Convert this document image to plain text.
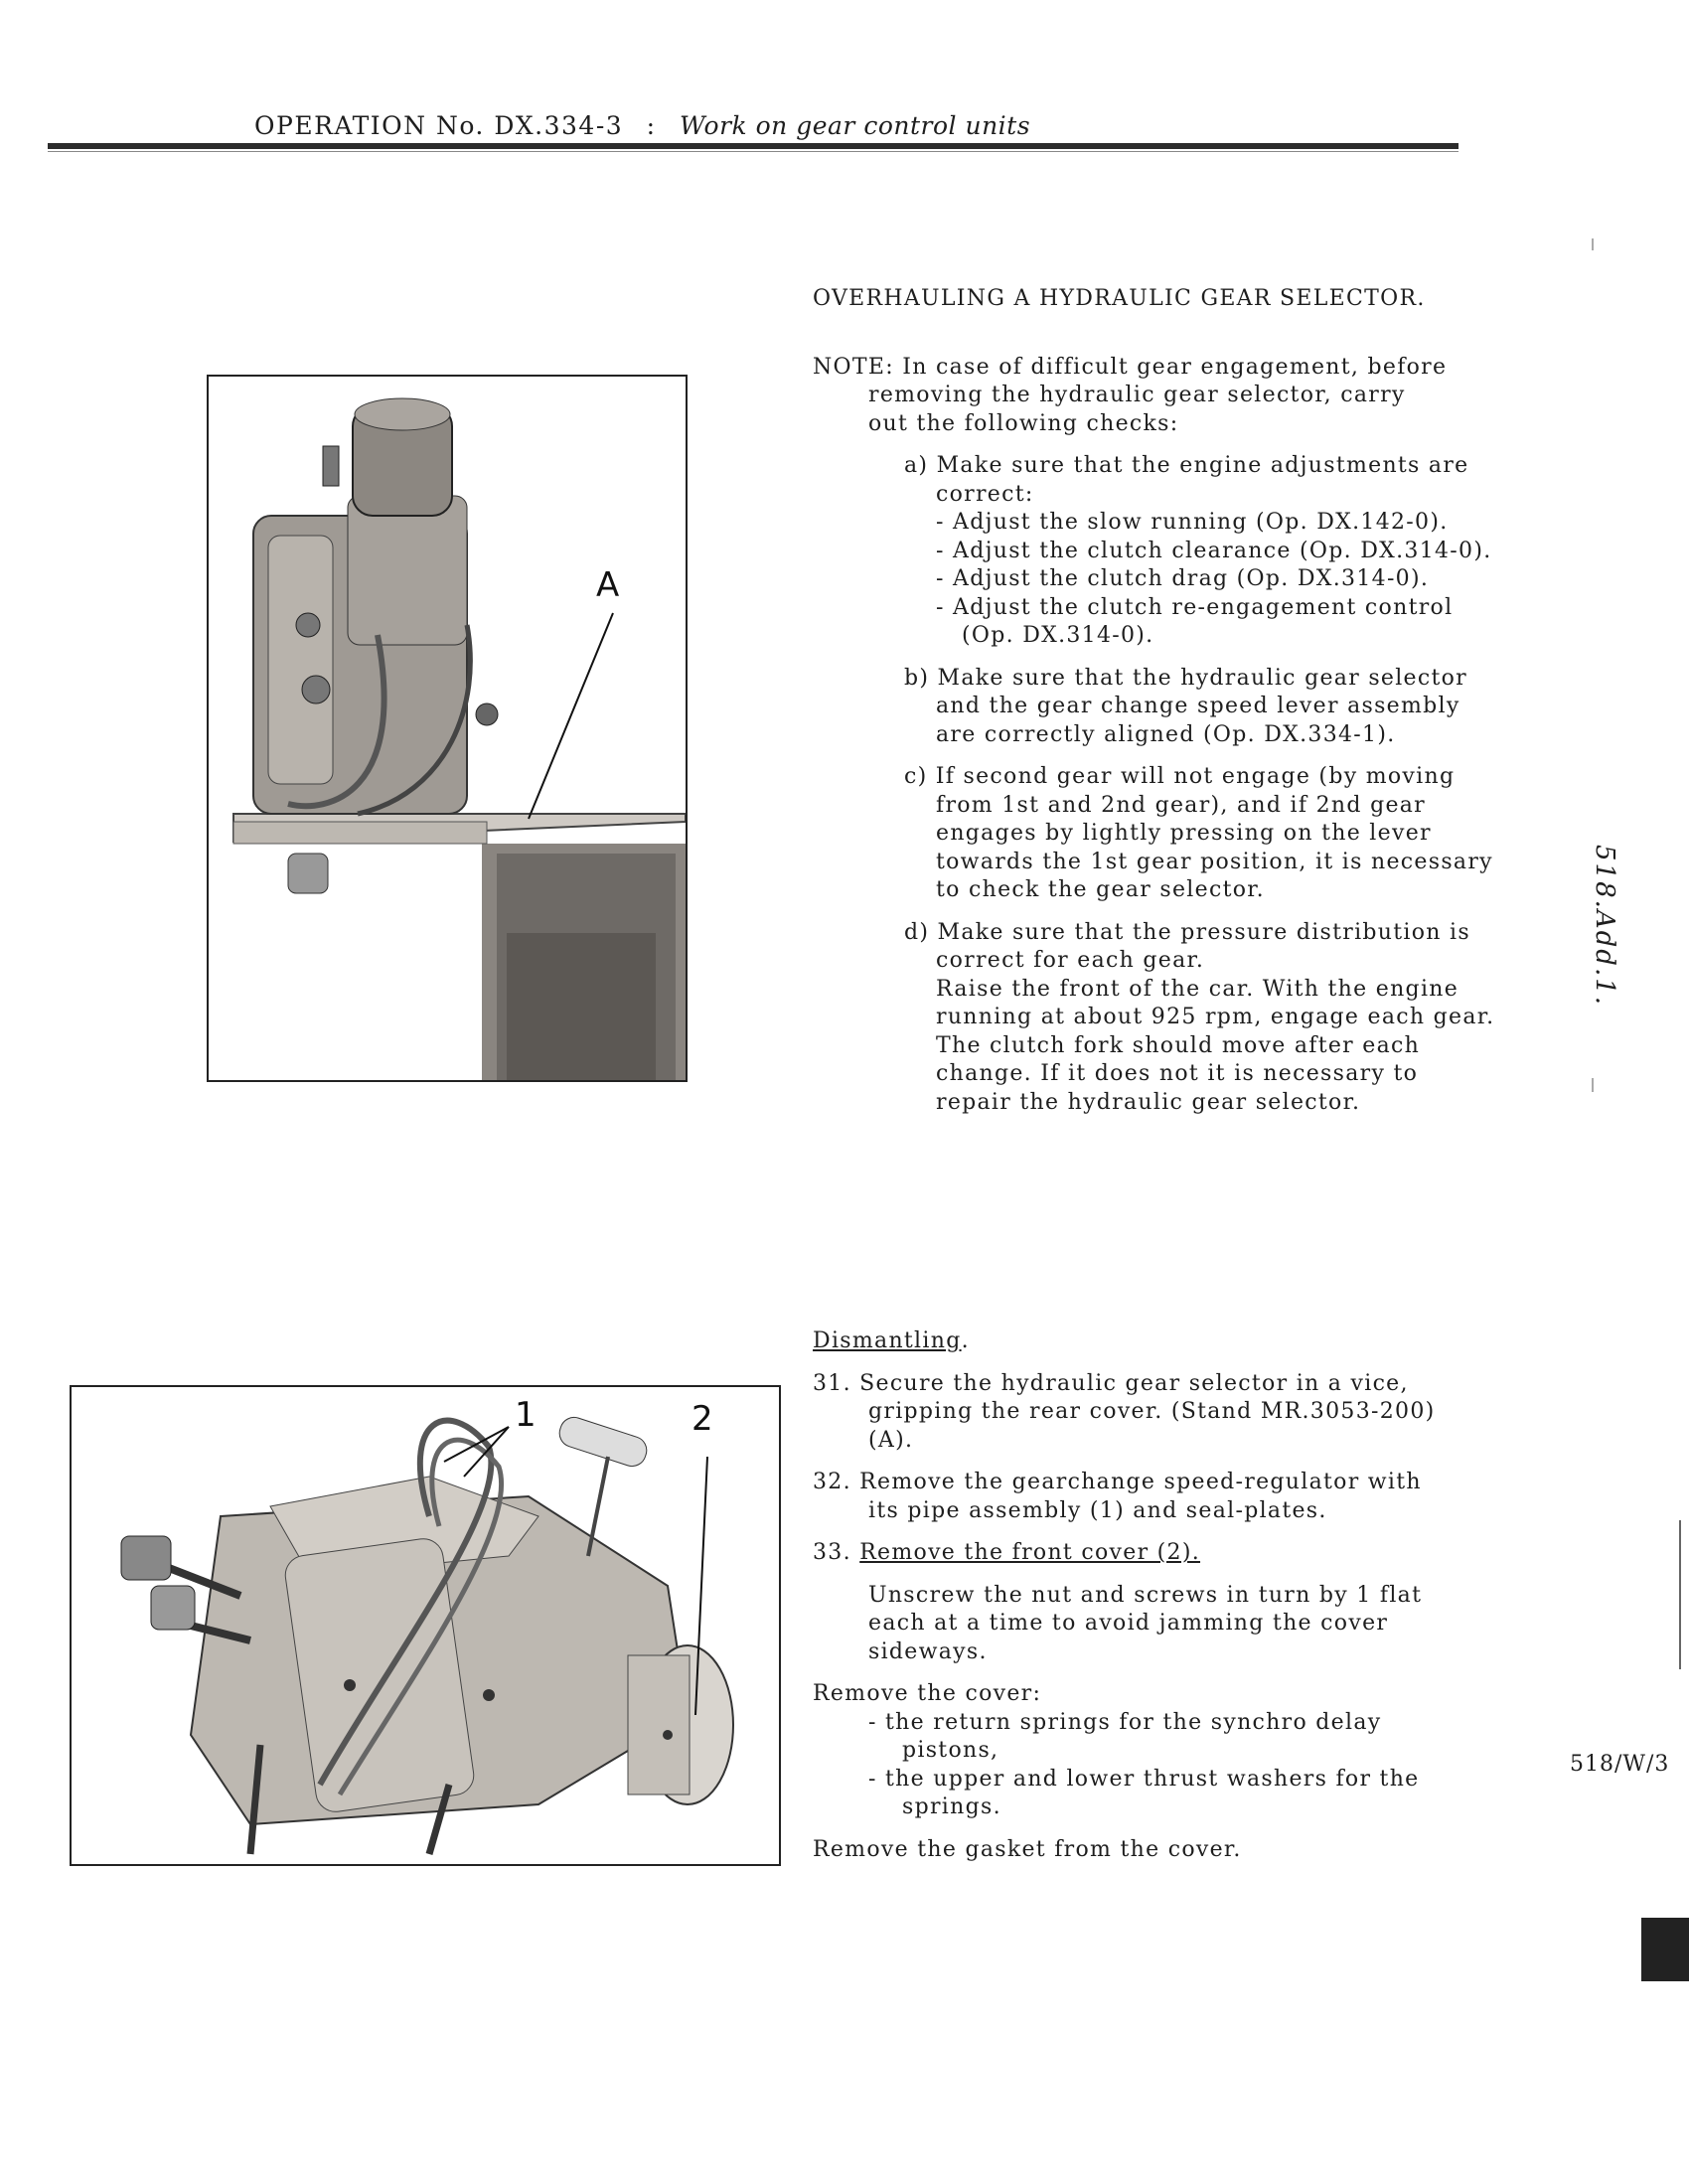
OPERATION No. DX.334-3 : Work on gear control units
OVERHAULING A HYDRAULIC GEAR SELECTOR.
NOTE: In case of difficult gear engagement, before
removing the hydraulic gear selector, carry
out the following checks:
a) Make sure that the engine adjustments are
correct:
- Adjust the slow running (Op. DX.142-0).
- Adjust the clutch clearance (Op. DX.314-0).
- Adjust the clutch drag (Op. DX.314-0).
- Adjust the clutch re-engagement control
(Op. DX.314-0).
b) Make sure that the hydraulic gear selector
and the gear change speed lever assembly
are correctly aligned (Op. DX.334-1).
c) If second gear will not engage (by moving
from 1st and 2nd gear), and if 2nd gear
engages by lightly pressing on the lever
towards the 1st gear position, it is necessary
to check the gear selector.
d) Make sure that the pressure distribution is
correct for each gear.
Raise the front of the car. With the engine
running at about 925 rpm, engage each gear.
The clutch fork should move after each
change. If it does not it is necessary to
repair the hydraulic gear selector.
A
Dismantling.
31. Secure the hydraulic gear selector in a vice,
gripping the rear cover. (Stand MR.3053-200)
(A).
32. Remove the gearchange speed-regulator with
its pipe assembly (1) and seal-plates.
33. Remove the front cover (2).
Unscrew the nut and screws in turn by 1 flat
each at a time to avoid jamming the cover
sideways.
Remove the cover:
- the return springs for the synchro delay
pistons,
- the upper and lower thrust washers for the
springs.
Remove the gasket from the cover.
1	2
518.Add.1.
518/W/3
